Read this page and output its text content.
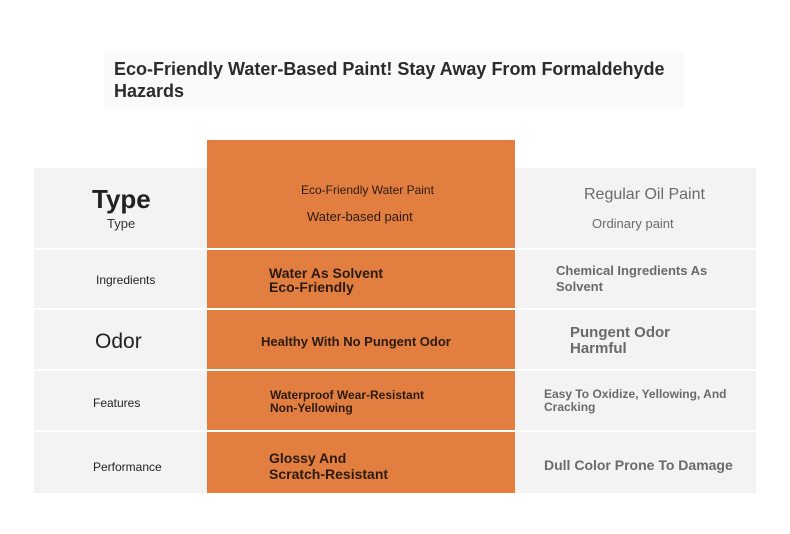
Eco-Friendly Water-Based Paint! Stay Away From Formaldehyde Hazards
Type
Type
Eco-Friendly Water Paint
Water-based paint
Regular Oil Paint
Ordinary paint
Ingredients	Water As Solvent
Eco-Friendly
Chemical Ingredients As
Solvent
Odor	Healthy With No Pungent Odor
Pungent Odor
Harmful
Features
Waterproof Wear-Resistant
Non-Yellowing
Easy To Oxidize, Yellowing, And
Cracking
Performance
Glossy And
Scratch-Resistant
Dull Color Prone To Damage
